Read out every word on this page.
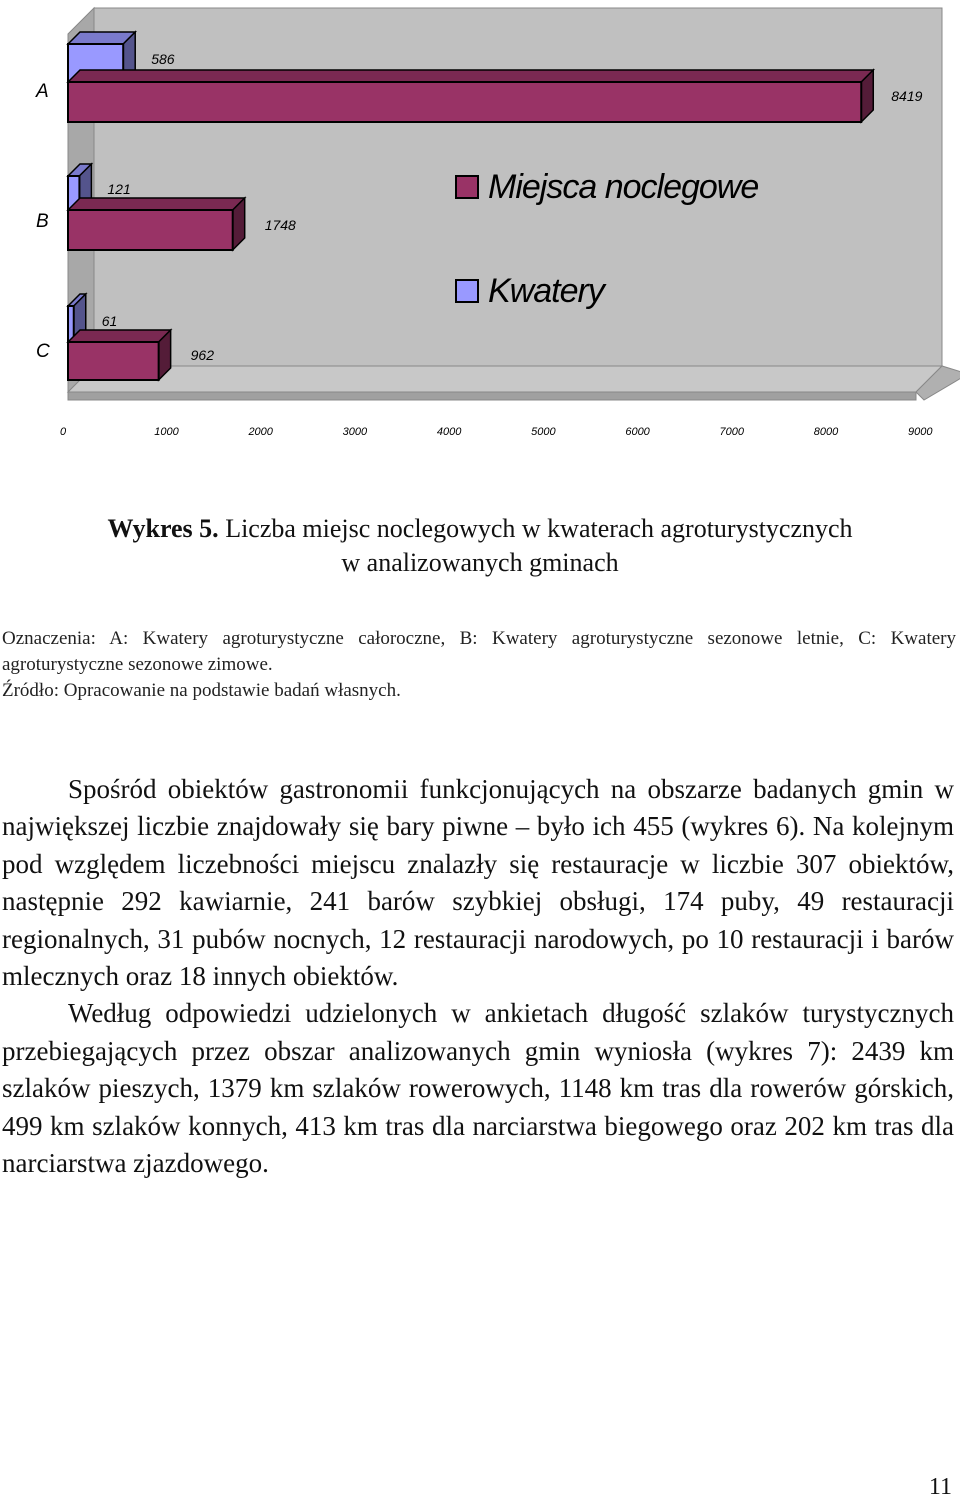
0	1000	2000	3000	4000	5000	6000	7000	8000	9000
A	8419
586
B	1748
121
C	962
61
Miejsca noclegowe
Kwatery
Wykres 5. Liczba miejsc noclegowych w kwaterach agroturystycznych
w analizowanych gminach
Oznaczenia: A: Kwatery agroturystyczne całoroczne, B: Kwatery agroturystyczne sezonowe letnie, C: Kwatery agroturystyczne sezonowe zimowe.
Źródło: Opracowanie na podstawie badań własnych.

Spośród obiektów gastronomii funkcjonujących na obszarze badanych gmin w największej liczbie znajdowały się bary piwne – było ich 455 (wykres 6). Na kolejnym pod względem liczebności miejscu znalazły się restauracje w liczbie 307 obiektów, następnie 292 kawiarnie, 241 barów szybkiej obsługi, 174 puby, 49 restauracji regionalnych, 31 pubów nocnych, 12 restauracji narodowych, po 10 restauracji i barów mlecznych oraz 18 innych obiektów.

Według odpowiedzi udzielonych w ankietach długość szlaków turystycznych przebiegających przez obszar analizowanych gmin wyniosła (wykres 7): 2439 km szlaków pieszych, 1379 km szlaków rowerowych, 1148 km tras dla rowerów górskich, 499 km szlaków konnych, 413 km tras dla narciarstwa biegowego oraz 202 km tras dla narciarstwa zjazdowego.

11
